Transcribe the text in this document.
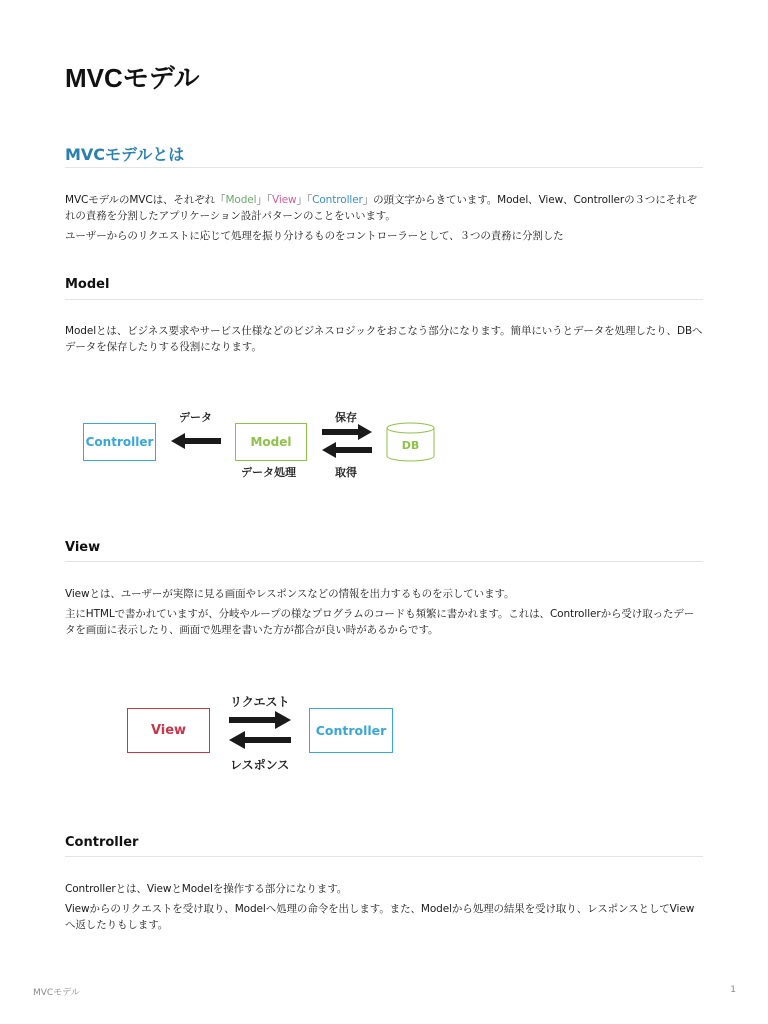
MVCモデル
MVCモデルとは

MVCモデルのMVCは、それぞれ「Model」「View」「Controller」の頭文字からきています。Model、View、Controllerの３つにそれぞれの責務を分割したアプリケーション設計パターンのことをいいます。

ユーザーからのリクエストに応じて処理を振り分けるものをコントローラーとして、３つの責務に分割した

Model

Modelとは、ビジネス要求やサービス仕様などのビジネスロジックをおこなう部分になります。簡単にいうとデータを処理したり、DBへデータを保存したりする役割になります。

Controller
データ
Model
データ処理
保存
取得
DB
View

Viewとは、ユーザーが実際に見る画面やレスポンスなどの情報を出力するものを示しています。

主にHTMLで書かれていますが、分岐やループの様なプログラムのコードも頻繁に書かれます。これは、Controllerから受け取ったデータを画面に表示したり、画面で処理を書いた方が都合が良い時があるからです。

View
リクエスト
レスポンス
Controller
Controller

Controllerとは、ViewとModelを操作する部分になります。

Viewからのリクエストを受け取り、Modelへ処理の命令を出します。また、Modelから処理の結果を受け取り、レスポンスとしてViewへ返したりもします。

MVCモデル	1
